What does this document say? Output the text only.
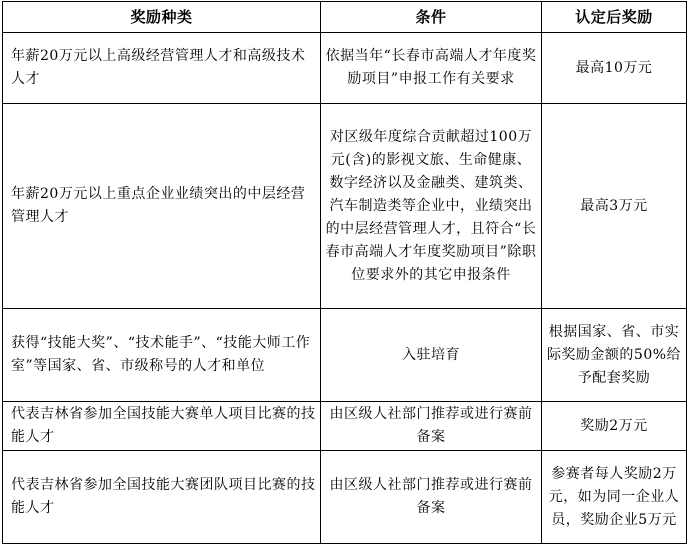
奖励种类	条件	认定后奖励
年薪20万元以上高级经营管理人才和高级技术人才	依据当年“长春市高端人才年度奖励项目”申报工作有关要求	最高10万元
年薪20万元以上重点企业业绩突出的中层经营管理人才	对区级年度综合贡献超过100万元(含)的影视文旅、生命健康、数字经济以及金融类、建筑类、汽车制造类等企业中，业绩突出的中层经营管理人才，且符合“长春市高端人才年度奖励项目”除职位要求外的其它申报条件	最高3万元
获得“技能大奖”、“技术能手”、“技能大师工作室”等国家、省、市级称号的人才和单位	入驻培育	根据国家、省、市实际奖励金额的50%给予配套奖励
代表吉林省参加全国技能大赛单人项目比赛的技能人才	由区级人社部门推荐或进行赛前备案	奖励2万元
代表吉林省参加全国技能大赛团队项目比赛的技能人才	由区级人社部门推荐或进行赛前备案	参赛者每人奖励2万元，如为同一企业人员，奖励企业5万元
